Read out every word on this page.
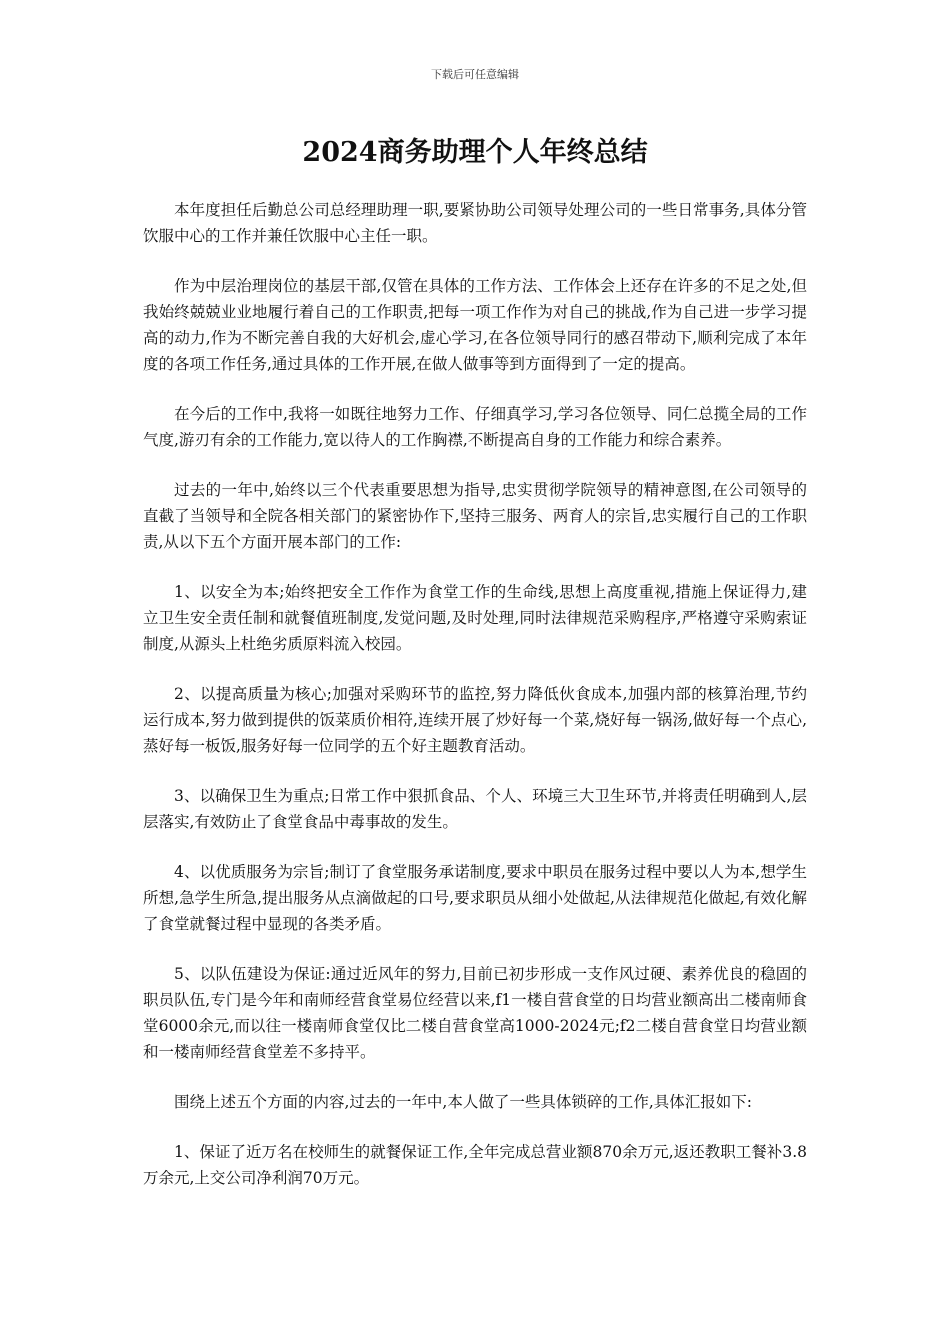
下载后可任意编辑
2024商务助理个人年终总结

本年度担任后勤总公司总经理助理一职,要紧协助公司领导处理公司的一些日常事务,具体分管饮服中心的工作并兼任饮服中心主任一职。

作为中层治理岗位的基层干部,仅管在具体的工作方法、工作体会上还存在许多的不足之处,但我始终兢兢业业地履行着自己的工作职责,把每一项工作作为对自己的挑战,作为自己进一步学习提高的动力,作为不断完善自我的大好机会,虚心学习,在各位领导同行的感召带动下,顺利完成了本年度的各项工作任务,通过具体的工作开展,在做人做事等到方面得到了一定的提高。

在今后的工作中,我将一如既往地努力工作、仔细真学习,学习各位领导、同仁总揽全局的工作气度,游刃有余的工作能力,宽以待人的工作胸襟,不断提高自身的工作能力和综合素养。

过去的一年中,始终以三个代表重要思想为指导,忠实贯彻学院领导的精神意图,在公司领导的直截了当领导和全院各相关部门的紧密协作下,坚持三服务、两育人的宗旨,忠实履行自己的工作职责,从以下五个方面开展本部门的工作:

1、以安全为本;始终把安全工作作为食堂工作的生命线,思想上高度重视,措施上保证得力,建立卫生安全责任制和就餐值班制度,发觉问题,及时处理,同时法律规范采购程序,严格遵守采购索证制度,从源头上杜绝劣质原料流入校园。

2、以提高质量为核心;加强对采购环节的监控,努力降低伙食成本,加强内部的核算治理,节约运行成本,努力做到提供的饭菜质价相符,连续开展了炒好每一个菜,烧好每一锅汤,做好每一个点心,蒸好每一板饭,服务好每一位同学的五个好主题教育活动。

3、以确保卫生为重点;日常工作中狠抓食品、个人、环境三大卫生环节,并将责任明确到人,层层落实,有效防止了食堂食品中毒事故的发生。

4、以优质服务为宗旨;制订了食堂服务承诺制度,要求中职员在服务过程中要以人为本,想学生所想,急学生所急,提出服务从点滴做起的口号,要求职员从细小处做起,从法律规范化做起,有效化解了食堂就餐过程中显现的各类矛盾。

5、以队伍建设为保证:通过近风年的努力,目前已初步形成一支作风过硬、素养优良的稳固的职员队伍,专门是今年和南师经营食堂易位经营以来,f1一楼自营食堂的日均营业额高出二楼南师食堂6000余元,而以往一楼南师食堂仅比二楼自营食堂高1000-2024元;f2二楼自营食堂日均营业额和一楼南师经营食堂差不多持平。

围绕上述五个方面的内容,过去的一年中,本人做了一些具体锁碎的工作,具体汇报如下:

1、保证了近万名在校师生的就餐保证工作,全年完成总营业额870余万元,返还教职工餐补3.8万余元,上交公司净利润70万元。
